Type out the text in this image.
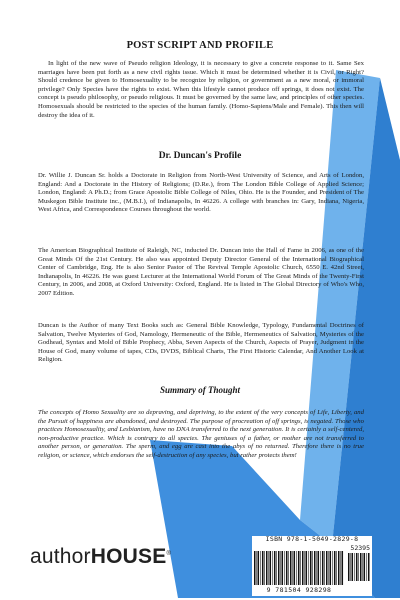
POST SCRIPT AND PROFILE

In light of the new wave of Pseudo religion Ideology, it is necessary to give a concrete response to it. Same Sex marriages have been put forth as a new civil rights issue. Which it must be determined whether it is Civil, or Right? Should credence be given to Homosexuality to be recognize by religion, or government as a new moral, or immoral privilege? Only Species have the rights to exist. When this lifestyle cannot produce off springs, it does not exist. The concept is pseudo philosophy, or pseudo religious. It must be governed by the same law, and principles of other species. Homosexuals should be restricted to the species of the human family. (Homo-Sapiens/Male and Female). This then will destroy the idea of it.

Dr. Duncan's Profile

Dr. Willie J. Duncan Sr. holds a Doctorate in Religion from North-West University of Science, and Arts of London, England: And a Doctorate in the History of Religions; (D.Re.), from The London Bible College of Applied Science; London, England: A Ph.D.; from Grace Apostolic Bible College of Niles, Ohio. He is the Founder, and President of The Muskegon Bible Institute inc., (M.B.I.), of Indianapolis, In 46226. A college with branches in: Gary, Indiana, Nigeria, West Africa, and Correspondence Courses throughout the world.

The American Biographical Institute of Raleigh, NC, inducted Dr. Duncan into the Hall of Fame in 2006, as one of the Great Minds Of the 21st Century. He also was appointed Deputy Director General of the International Biographical Center of Cambridge, Eng. He is also Senior Pastor of The Revival Temple Apostolic Church, 6550 E. 42nd Street, Indianapolis, In 46226. He was guest Lecturer at the International World Forum of The Great Minds of the Twenty-First Century, in 2006, and 2008, at Oxford University: Oxford, England. He is listed in The Global Directory of Who's Who, 2007 Edition.

Duncan is the Author of many Text Books such as: General Bible Knowledge, Typology, Fundamental Doctrines of Salvation, Twelve Mysteries of God, Namology, Hermeneutic of the Bible, Hermeneutics of Salvation, Mysteries of the Godhead, Syntax and Mold of Bible Prophecy, Abba, Seven Aspects of the Church, Aspects of Prayer, Judgment in the House of God, many volume of tapes, CDs, DVDS, Biblical Charts, The First Historic Calendar, And Another Look at Religion.

Summary of Thought

The concepts of Homo Sexuality are so depraving, and depriving, to the extent of the very concepts of Life, Liberty, and the Pursuit of happiness are abandoned, and destroyed. The purpose of procreation of off springs, is negated. Those who practices Homosexuality, and Lesbianism, have no DNA transferred to the next generation. It is certainly a self-centered, non-productive practice. Which is contrary to all species. The geniuses of a father, or mother are not transferred to another person, or generation. The sperm, and egg are cast into the abys of no returned. Therefore there is no true religion, or science, which endorses the self-destruction of any species, but rather protects them!

authorHOUSE®
ISBN 978-1-5049-2829-8
52395
9 781504 928298
